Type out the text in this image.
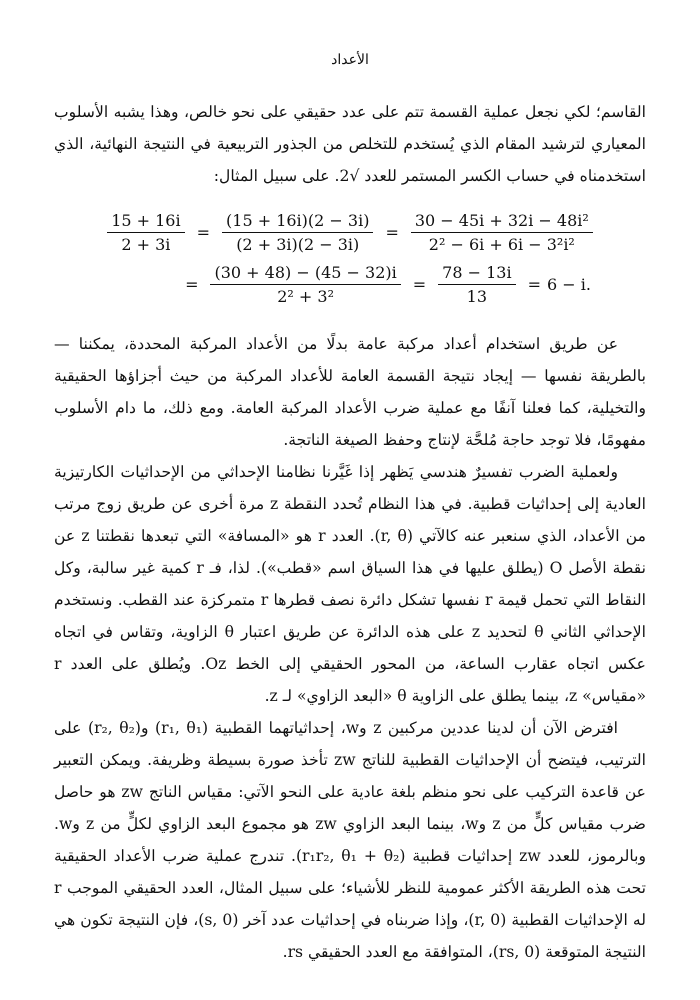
الأعداد

القاسم؛ لكي نجعل عملية القسمة تتم على عدد حقيقي على نحو خالص، وهذا يشبه الأسلوب المعياري لترشيد المقام الذي يُستخدم للتخلص من الجذور التربيعية في النتيجة النهائية، الذي استخدمناه في حساب الكسر المستمر للعدد √2. على سبيل المثال:

$\frac{15 + 16i}{2 + 3i} = \frac{(15 + 16i)(2 - 3i)}{(2 + 3i)(2 - 3i)} = \frac{\text{30 − 45i + 32i − 48i²}}{\text{2² − 6i + 6i − 3²i²}}$
= $\frac{(30 + 48) - (45 - 32)i}{\text{2² + 3²}} = \frac{78 - 13i}{13} = 6 - i$.

عن طريق استخدام أعداد مركبة عامة بدلًا من الأعداد المركبة المحددة، يمكننا — بالطريقة نفسها — إيجاد نتيجة القسمة العامة للأعداد المركبة من حيث أجزاؤها الحقيقية والتخيلية، كما فعلنا آنفًا مع عملية ضرب الأعداد المركبة العامة. ومع ذلك، ما دام الأسلوب مفهومًا، فلا توجد حاجة مُلحَّة لإنتاج وحفظ الصيغة الناتجة.

ولعملية الضرب تفسيرٌ هندسي يَظهر إذا غَيَّرنا نظامنا الإحداثي من الإحداثيات الكارتيزية العادية إلى إحداثيات قطبية. في هذا النظام تُحدد النقطة z مرة أخرى عن طريق زوج مرتب من الأعداد، الذي سنعبر عنه كالآتي (r, θ). العدد r هو «المسافة» التي تبعدها نقطتنا z عن نقطة الأصل O (يطلق عليها في هذا السياق اسم «قطب»). لذا، فـ r كمية غير سالبة، وكل النقاط التي تحمل قيمة r نفسها تشكل دائرة نصف قطرها r متمركزة عند القطب. ونستخدم الإحداثي الثاني θ لتحديد z على هذه الدائرة عن طريق اعتبار θ الزاوية، وتقاس في اتجاه عكس اتجاه عقارب الساعة، من المحور الحقيقي إلى الخط Oz. ويُطلق على العدد r «مقياس» z، بينما يطلق على الزاوية θ «البعد الزاوي» لـ z.

افترض الآن أن لدينا عددين مركبين z وw، إحداثياتهما القطبية (r₁, θ₁) و(r₂, θ₂) على الترتيب، فيتضح أن الإحداثيات القطبية للناتج zw تأخذ صورة بسيطة وظريفة. ويمكن التعبير عن قاعدة التركيب على نحو منظم بلغة عادية على النحو الآتي: مقياس الناتج zw هو حاصل ضرب مقياس كلٍّ من z وw، بينما البعد الزاوي zw هو مجموع البعد الزاوي لكلٍّ من z وw. وبالرموز، للعدد zw إحداثيات قطبية (r₁r₂, θ₁ + θ₂). تندرج عملية ضرب الأعداد الحقيقية تحت هذه الطريقة الأكثر عمومية للنظر للأشياء؛ على سبيل المثال، العدد الحقيقي الموجب r له الإحداثيات القطبية (r, 0)، وإذا ضربناه في إحداثيات عدد آخر (s, 0)، فإن النتيجة تكون هي النتيجة المتوقعة (rs, 0)، المتوافقة مع العدد الحقيقي rs.
